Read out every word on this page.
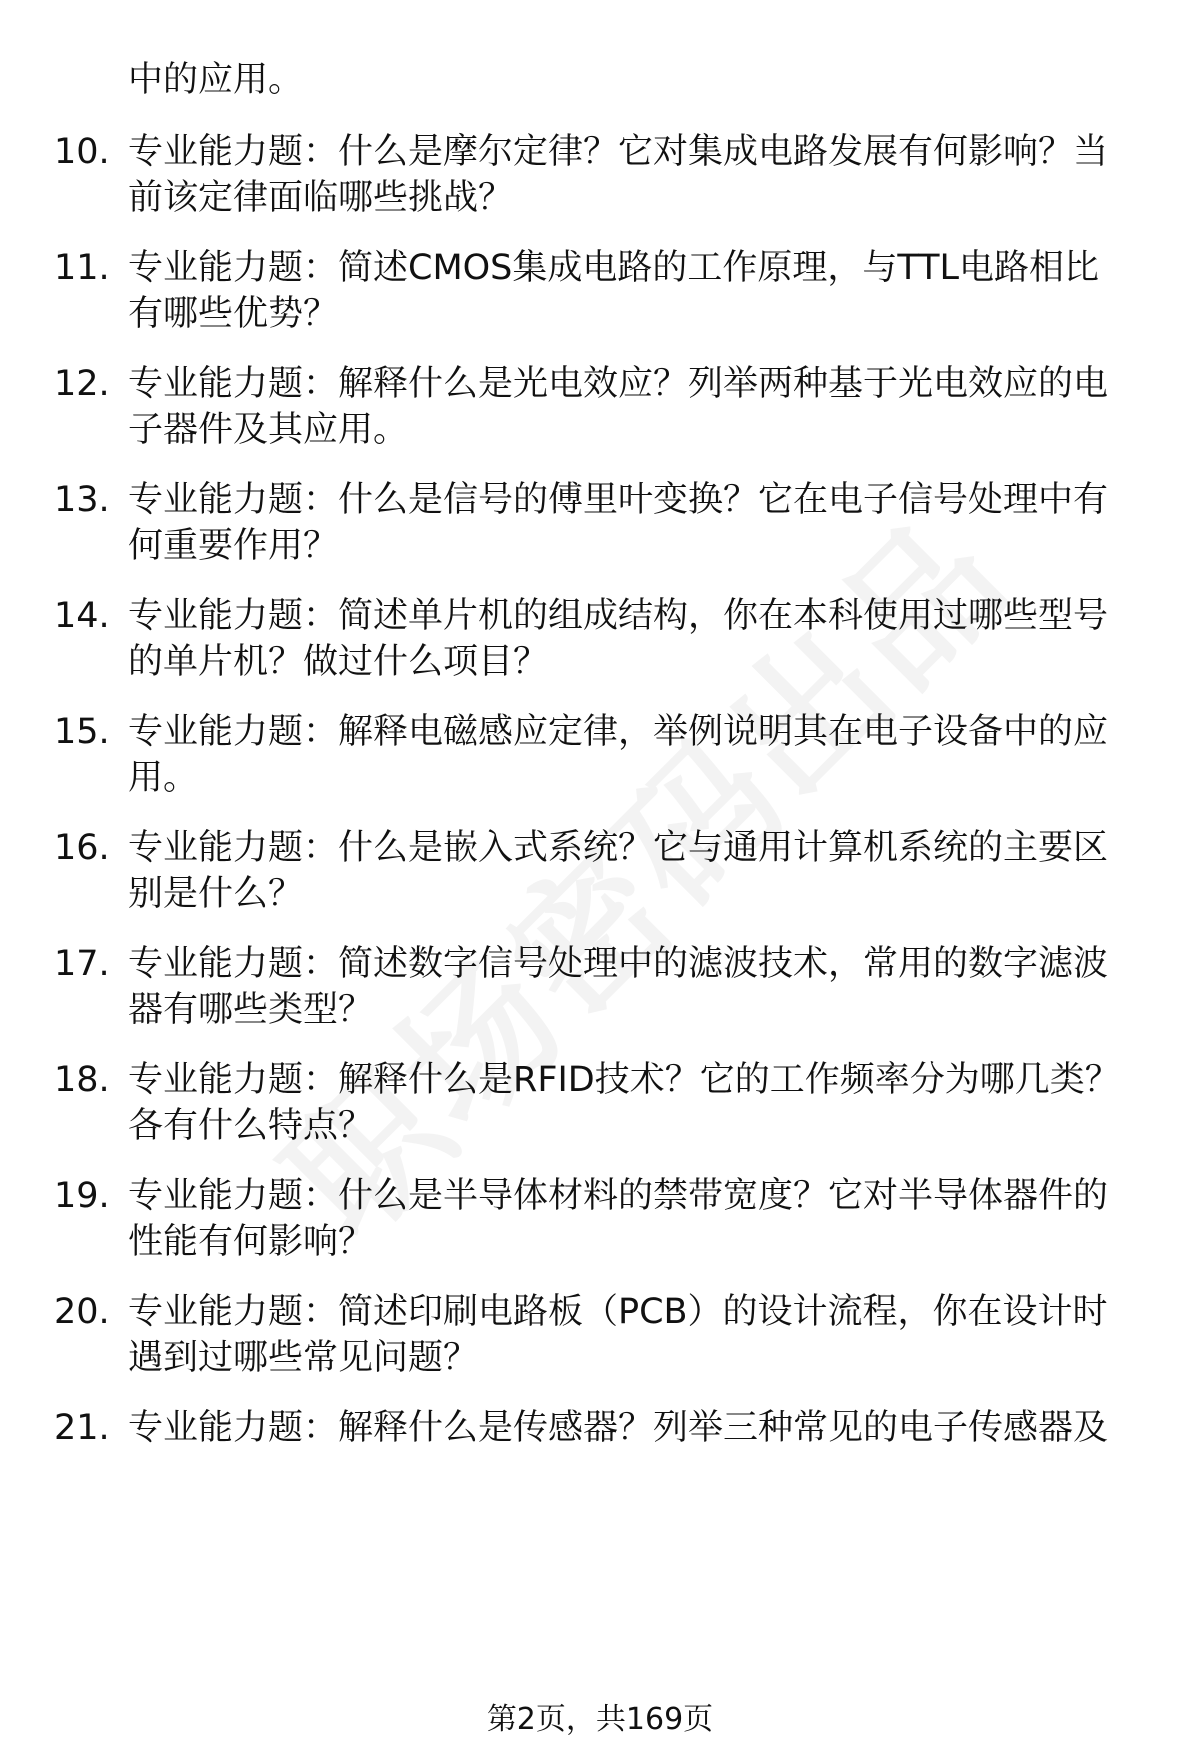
中的应用。
10. 专业能力题：什么是摩尔定律？它对集成电路发展有何影响？当
前该定律面临哪些挑战？
11. 专业能力题：简述CMOS集成电路的工作原理，与TTL电路相比
有哪些优势？
12. 专业能力题：解释什么是光电效应？列举两种基于光电效应的电
子器件及其应用。
13. 专业能力题：什么是信号的傅里叶变换？它在电子信号处理中有
何重要作用？
14. 专业能力题：简述单片机的组成结构，你在本科使用过哪些型号
的单片机？做过什么项目？
15. 专业能力题：解释电磁感应定律，举例说明其在电子设备中的应
用。
16. 专业能力题：什么是嵌入式系统？它与通用计算机系统的主要区
别是什么？
17. 专业能力题：简述数字信号处理中的滤波技术，常用的数字滤波
器有哪些类型？
18. 专业能力题：解释什么是RFID技术？它的工作频率分为哪几类？
各有什么特点？
19. 专业能力题：什么是半导体材料的禁带宽度？它对半导体器件的
性能有何影响？
20. 专业能力题：简述印刷电路板（PCB）的设计流程，你在设计时
遇到过哪些常见问题？
21. 专业能力题：解释什么是传感器？列举三种常见的电子传感器及
第2页，共169页
